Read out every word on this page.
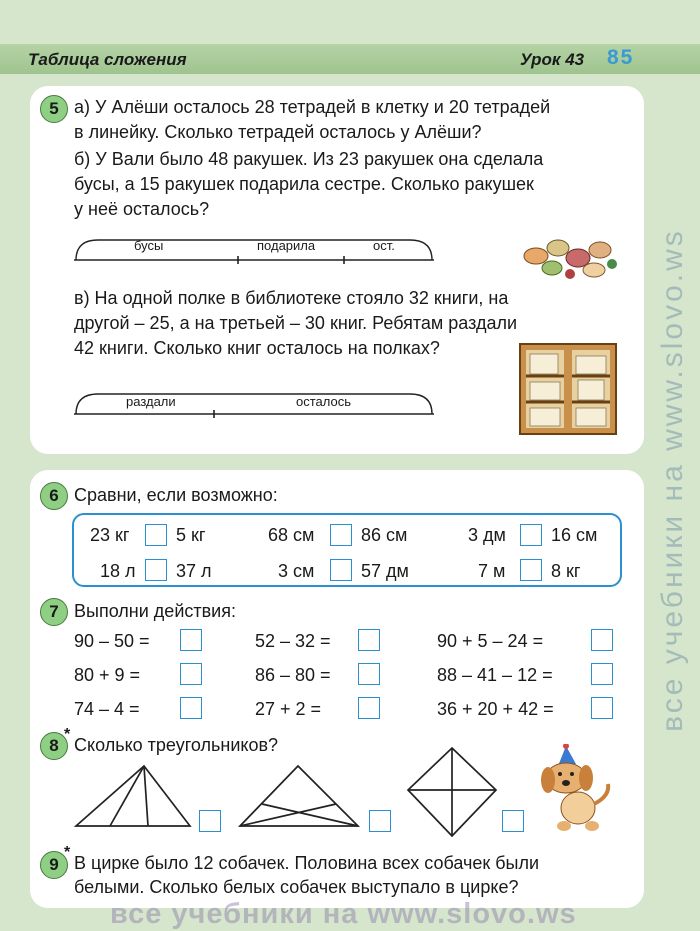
Таблица сложения	Урок 43 85
5 а) У Алёши осталось 28 тетрадей в клетку и 20 тетрадей
в линейку. Сколько тетрадей осталось у Алёши?
б) У Вали было 48 ракушек. Из 23 ракушек она сделала
бусы, а 15 ракушек подарила сестре. Сколько ракушек
у неё осталось?
бусы	подарила	ост.
в) На одной полке в библиотеке стояло 32 книги, на
другой – 25, а на третьей – 30 книг. Ребятам раздали
42 книги. Сколько книг осталось на полках?
раздали	осталось
6 Сравни, если возможно:
23 кг	5 кг	68 см	86 см	3 дм	16 см
18 л 37 л	3 см	57 дм	7 м	8 кг
7 Выполни действия:
90 – 50 =	52 – 32 =	90 + 5 – 24 =
80 + 9 =	86 – 80 =	88 – 41 – 12 =
74 – 4 =	27 + 2 =	36 + 20 + 42 =
8
*
Сколько треугольников?
9
*
В цирке было 12 собачек. Половина всех собачек были
белыми. Сколько белых собачек выступало в цирке?
все учебники на www.slovo.ws
все учебники на www.slovo.ws
